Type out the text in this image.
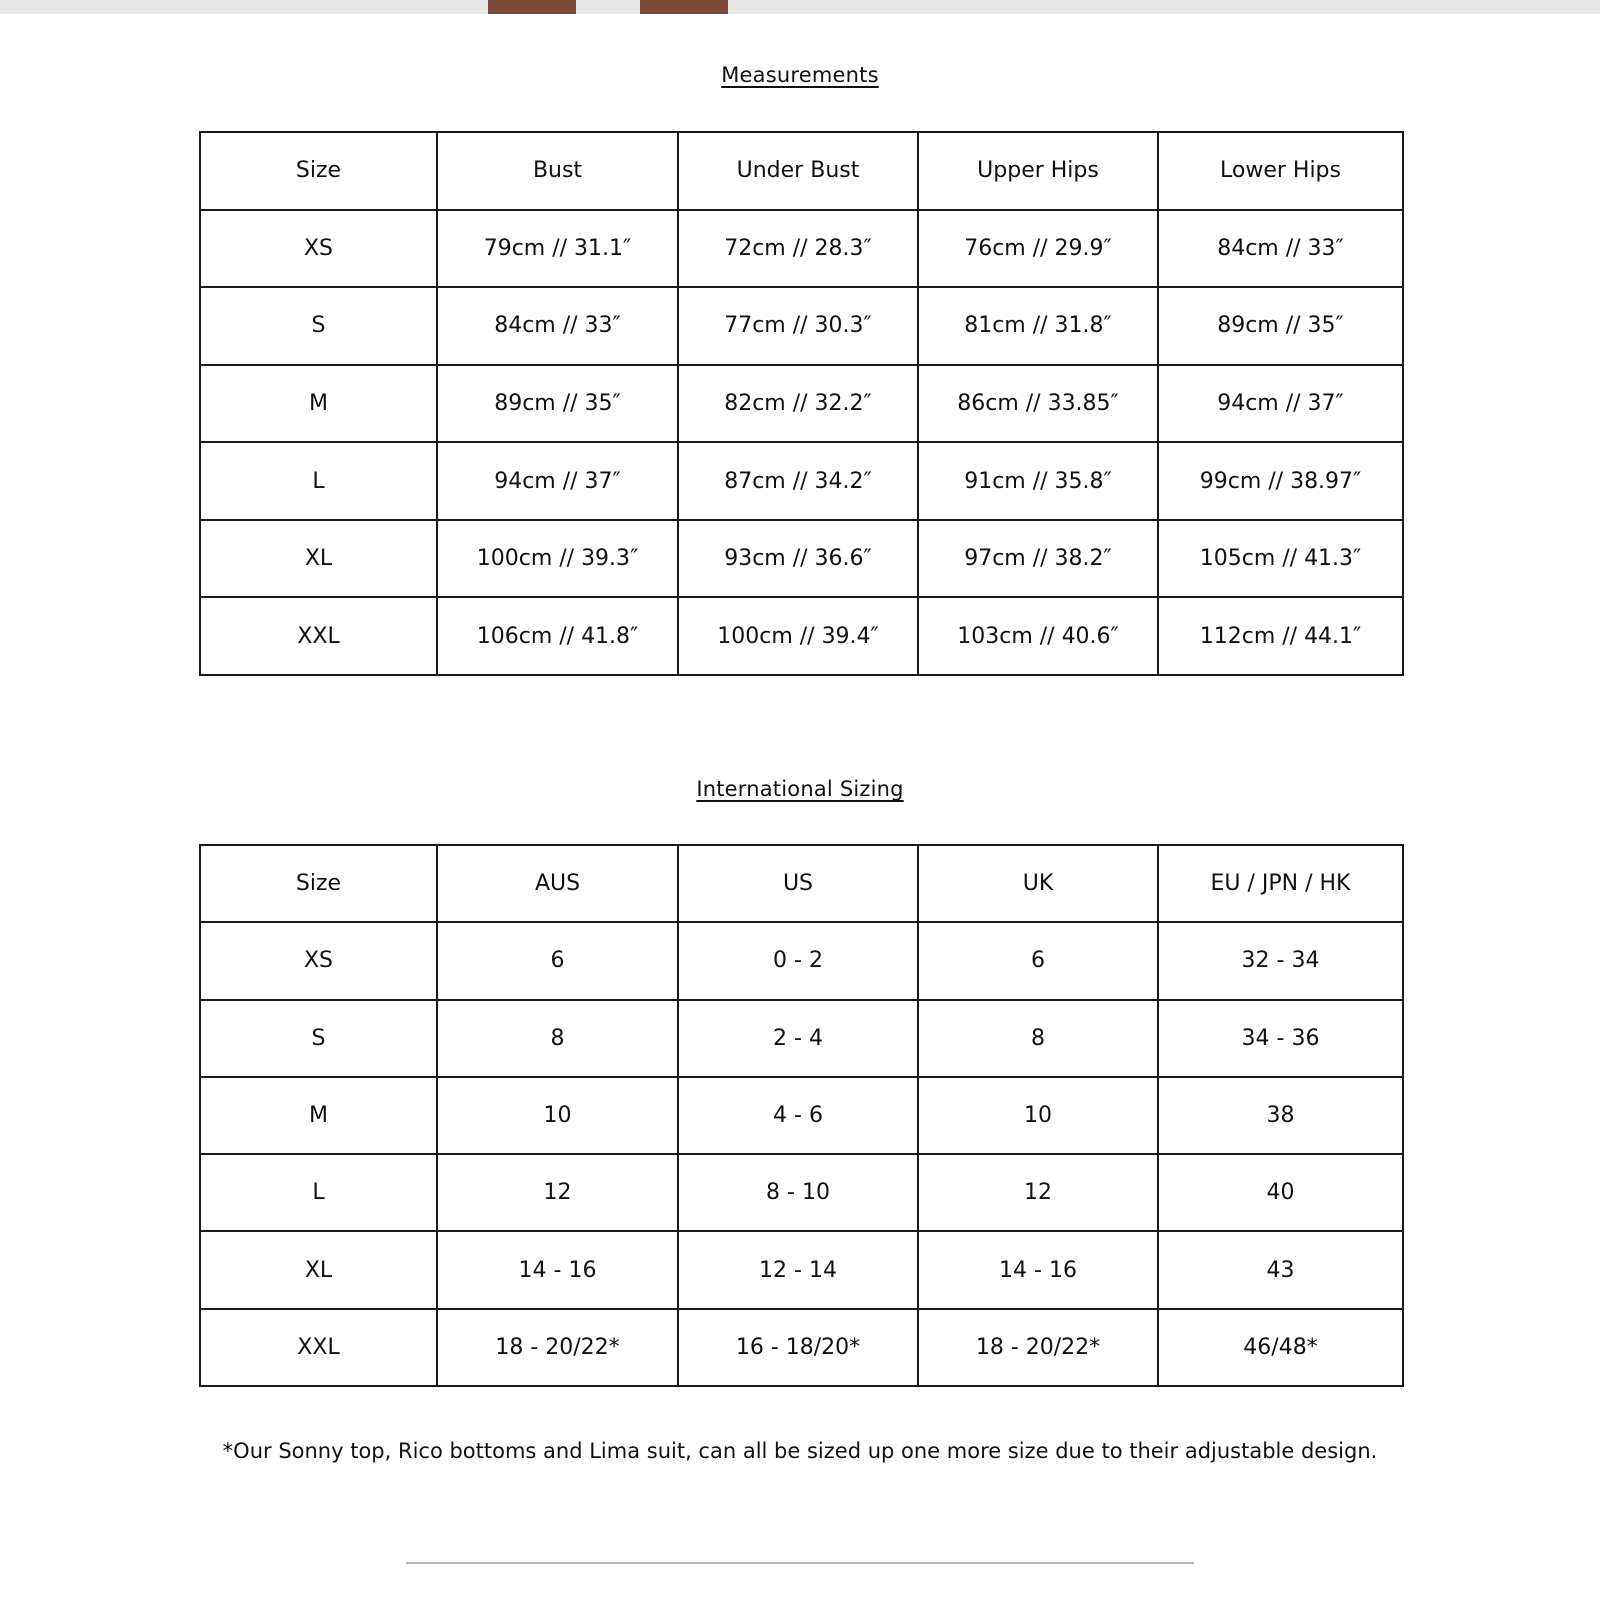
Measurements
Size	Bust	Under Bust	Upper Hips	Lower Hips
XS	79cm // 31.1″	72cm // 28.3″	76cm // 29.9″	84cm // 33″
S	84cm // 33″	77cm // 30.3″	81cm // 31.8″	89cm // 35″
M	89cm // 35″	82cm // 32.2″	86cm // 33.85″	94cm // 37″
L	94cm // 37″	87cm // 34.2″	91cm // 35.8″	99cm // 38.97″
XL	100cm // 39.3″	93cm // 36.6″	97cm // 38.2″	105cm // 41.3″
XXL	106cm // 41.8″	100cm // 39.4″	103cm // 40.6″	112cm // 44.1″
International Sizing
Size	AUS	US	UK	EU / JPN / HK
XS	6	0 - 2	6	32 - 34
S	8	2 - 4	8	34 - 36
M	10	4 - 6	10	38
L	12	8 - 10	12	40
XL	14 - 16	12 - 14	14 - 16	43
XXL	18 - 20/22*	16 - 18/20*	18 - 20/22*	46/48*
*Our Sonny top, Rico bottoms and Lima suit, can all be sized up one more size due to their adjustable design.
